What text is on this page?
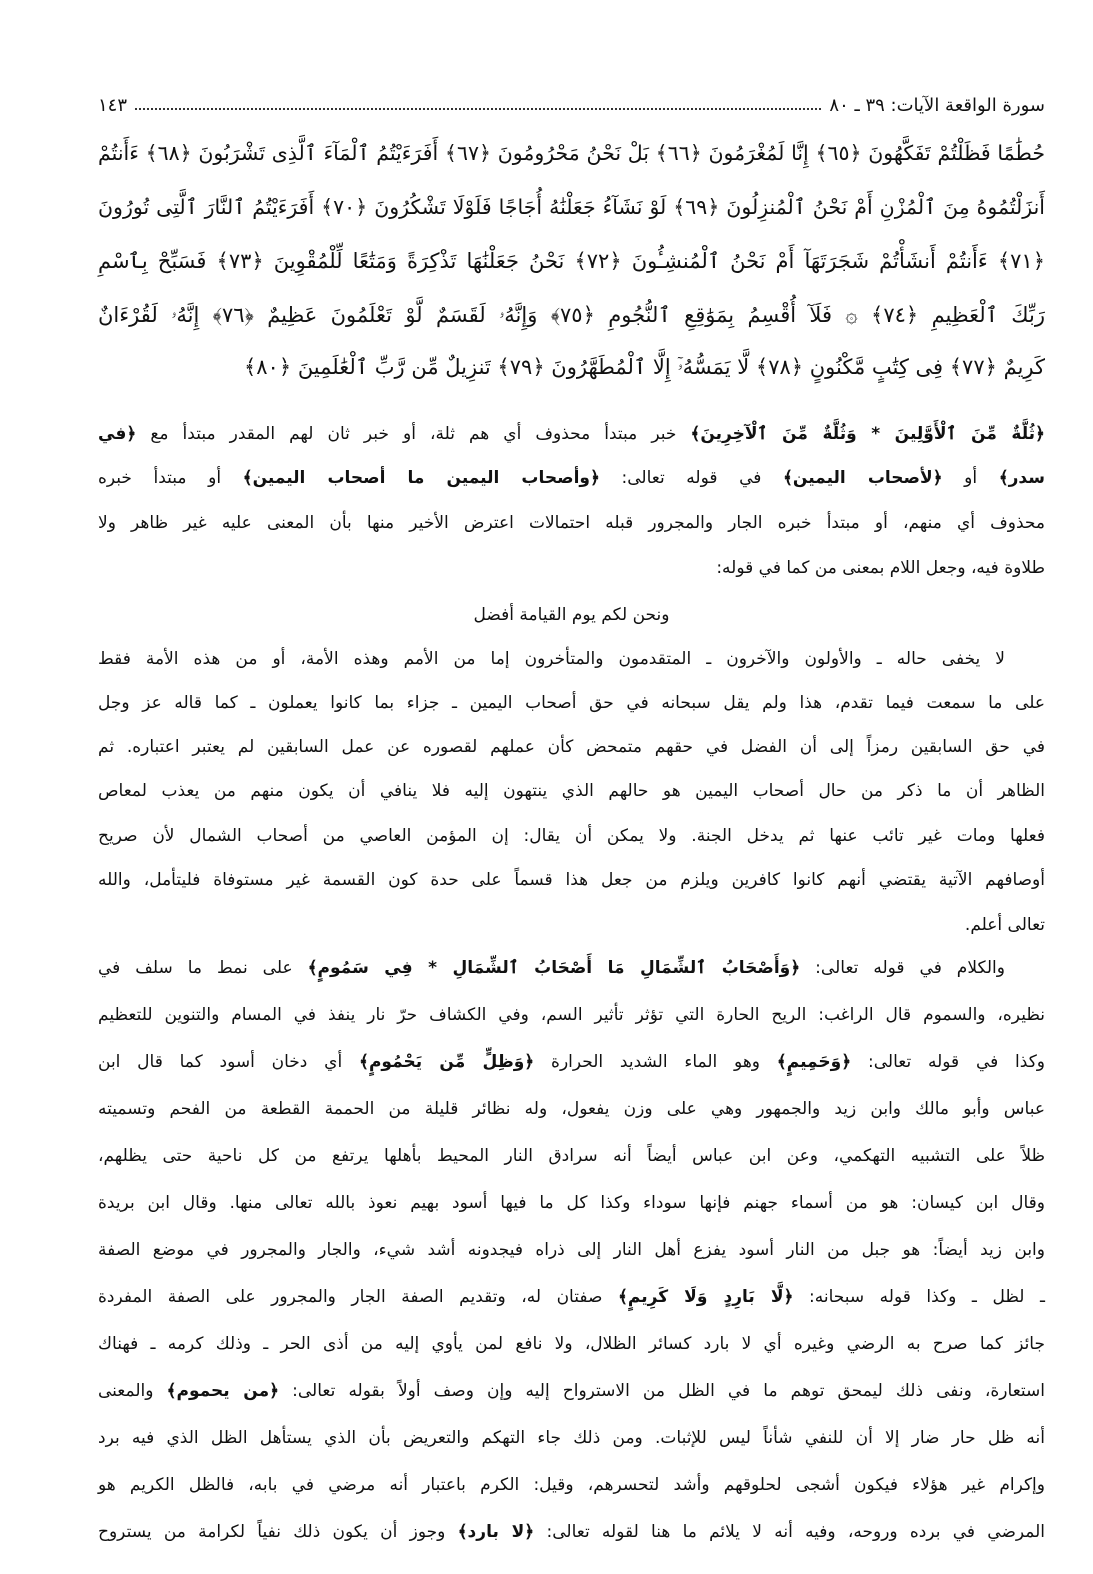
سورة الواقعة الآيات: ٣٩ ـ ٨٠
١٤٣
حُطَٰمًا فَظَلْتُمْ تَفَكَّهُونَ ﴿٦٥﴾ إِنَّا لَمُغْرَمُونَ ﴿٦٦﴾ بَلْ نَحْنُ مَحْرُومُونَ ﴿٦٧﴾ أَفَرَءَيْتُمُ ٱلْمَآءَ ٱلَّذِى تَشْرَبُونَ ﴿٦٨﴾ ءَأَنتُمْ
أَنزَلْتُمُوهُ مِنَ ٱلْمُزْنِ أَمْ نَحْنُ ٱلْمُنزِلُونَ ﴿٦٩﴾ لَوْ نَشَآءُ جَعَلْنَٰهُ أُجَاجًا فَلَوْلَا تَشْكُرُونَ ﴿٧٠﴾ أَفَرَءَيْتُمُ ٱلنَّارَ ٱلَّتِى تُورُونَ
﴿٧١﴾ ءَأَنتُمْ أَنشَأْتُمْ شَجَرَتَهَآ أَمْ نَحْنُ ٱلْمُنشِـُٔونَ ﴿٧٢﴾ نَحْنُ جَعَلْنَٰهَا تَذْكِرَةً وَمَتَٰعًا لِّلْمُقْوِينَ ﴿٧٣﴾ فَسَبِّحْ بِٱسْمِ
رَبِّكَ ٱلْعَظِيمِ ﴿٧٤﴾ ۞ فَلَآ أُقْسِمُ بِمَوَٰقِعِ ٱلنُّجُومِ ﴿٧٥﴾ وَإِنَّهُۥ لَقَسَمٌ لَّوْ تَعْلَمُونَ عَظِيمٌ ﴿٧٦﴾ إِنَّهُۥ لَقُرْءَانٌ
كَرِيمٌ ﴿٧٧﴾ فِى كِتَٰبٍ مَّكْنُونٍ ﴿٧٨﴾ لَّا يَمَسُّهُۥٓ إِلَّا ٱلْمُطَهَّرُونَ ﴿٧٩﴾ تَنزِيلٌ مِّن رَّبِّ ٱلْعَٰلَمِينَ ﴿٨٠﴾
﴿ثُلَّةٌ مِّنَ ٱلْأَوَّلِينَ * وَثُلَّةٌ مِّنَ ٱلْآخِرِينَ﴾ خبر مبتدأ محذوف أي هم ثلة، أو خبر ثان لهم المقدر مبتدأ مع ﴿في
سدر﴾ أو ﴿لأصحاب اليمين﴾ في قوله تعالى: ﴿وأصحاب اليمين ما أصحاب اليمين﴾ أو مبتدأ خبره
محذوف أي منهم، أو مبتدأ خبره الجار والمجرور قبله احتمالات اعترض الأخير منها بأن المعنى عليه غير ظاهر ولا
طلاوة فيه، وجعل اللام بمعنى من كما في قوله:
ونحن لكم يوم القيامة أفضل
لا يخفى حاله ـ والأولون والآخرون ـ المتقدمون والمتأخرون إما من الأمم وهذه الأمة، أو من هذه الأمة فقط
على ما سمعت فيما تقدم، هذا ولم يقل سبحانه في حق أصحاب اليمين ـ جزاء بما كانوا يعملون ـ كما قاله عز وجل
في حق السابقين رمزاً إلى أن الفضل في حقهم متمحض كأن عملهم لقصوره عن عمل السابقين لم يعتبر اعتباره. ثم
الظاهر أن ما ذكر من حال أصحاب اليمين هو حالهم الذي ينتهون إليه فلا ينافي أن يكون منهم من يعذب لمعاص
فعلها ومات غير تائب عنها ثم يدخل الجنة. ولا يمكن أن يقال: إن المؤمن العاصي من أصحاب الشمال لأن صريح
أوصافهم الآتية يقتضي أنهم كانوا كافرين ويلزم من جعل هذا قسماً على حدة كون القسمة غير مستوفاة فليتأمل، والله
تعالى أعلم.
والكلام في قوله تعالى: ﴿وَأَصْحَابُ ٱلشِّمَالِ مَا أَصْحَابُ ٱلشِّمَالِ * فِي سَمُومٍ﴾ على نمط ما سلف في
نظيره، والسموم قال الراغب: الريح الحارة التي تؤثر تأثير السم، وفي الكشاف حرّ نار ينفذ في المسام والتنوين للتعظيم
وكذا في قوله تعالى: ﴿وَحَمِيمٍ﴾ وهو الماء الشديد الحرارة ﴿وَظِلٍّ مِّن يَحْمُومٍ﴾ أي دخان أسود كما قال ابن
عباس وأبو مالك وابن زيد والجمهور وهي على وزن يفعول، وله نظائر قليلة من الحممة القطعة من الفحم وتسميته
ظلاً على التشبيه التهكمي، وعن ابن عباس أيضاً أنه سرادق النار المحيط بأهلها يرتفع من كل ناحية حتى يظلهم،
وقال ابن كيسان: هو من أسماء جهنم فإنها سوداء وكذا كل ما فيها أسود بهيم نعوذ بالله تعالى منها. وقال ابن بريدة
وابن زيد أيضاً: هو جبل من النار أسود يفزع أهل النار إلى ذراه فيجدونه أشد شيء، والجار والمجرور في موضع الصفة
ـ لظل ـ وكذا قوله سبحانه: ﴿لَّا بَارِدٍ وَلَا كَرِيمٍ﴾ صفتان له، وتقديم الصفة الجار والمجرور على الصفة المفردة
جائز كما صرح به الرضي وغيره أي لا بارد كسائر الظلال، ولا نافع لمن يأوي إليه من أذى الحر ـ وذلك كرمه ـ فهناك
استعارة، ونفى ذلك ليمحق توهم ما في الظل من الاسترواح إليه وإن وصف أولاً بقوله تعالى: ﴿من يحموم﴾ والمعنى
أنه ظل حار ضار إلا أن للنفي شأناً ليس للإثبات. ومن ذلك جاء التهكم والتعريض بأن الذي يستأهل الظل الذي فيه برد
وإكرام غير هؤلاء فيكون أشجى لحلوقهم وأشد لتحسرهم، وقيل: الكرم باعتبار أنه مرضي في بابه، فالظل الكريم هو
المرضي في برده وروحه، وفيه أنه لا يلائم ما هنا لقوله تعالى: ﴿لا بارد﴾ وجوز أن يكون ذلك نفياً لكرامة من يستروح
